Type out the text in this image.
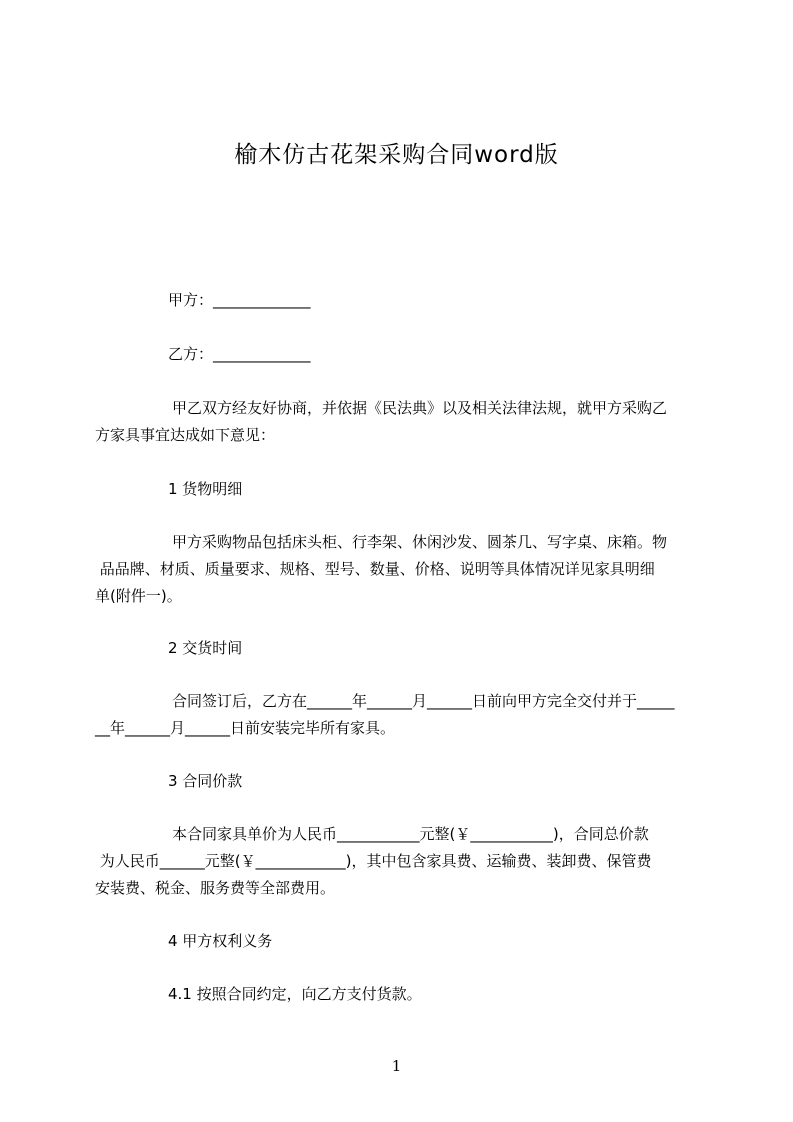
榆木仿古花架采购合同word版
甲方：_____________
乙方：_____________
甲乙双方经友好协商，并依据《民法典》以及相关法律法规，就甲方采购乙
方家具事宜达成如下意见：
1 货物明细
甲方采购物品包括床头柜、行李架、休闲沙发、圆茶几、写字桌、床箱。物
品品牌、材质、质量要求、规格、型号、数量、价格、说明等具体情况详见家具明细
单(附件一)。
2 交货时间
合同签订后，乙方在______年______月______日前向甲方完全交付并于_____
__年______月______日前安装完毕所有家具。
3 合同价款
本合同家具单价为人民币___________元整(￥___________)，合同总价款
为人民币______元整(￥____________)，其中包含家具费、运输费、装卸费、保管费
安装费、税金、服务费等全部费用。
4 甲方权利义务
4.1 按照合同约定，向乙方支付货款。
1
